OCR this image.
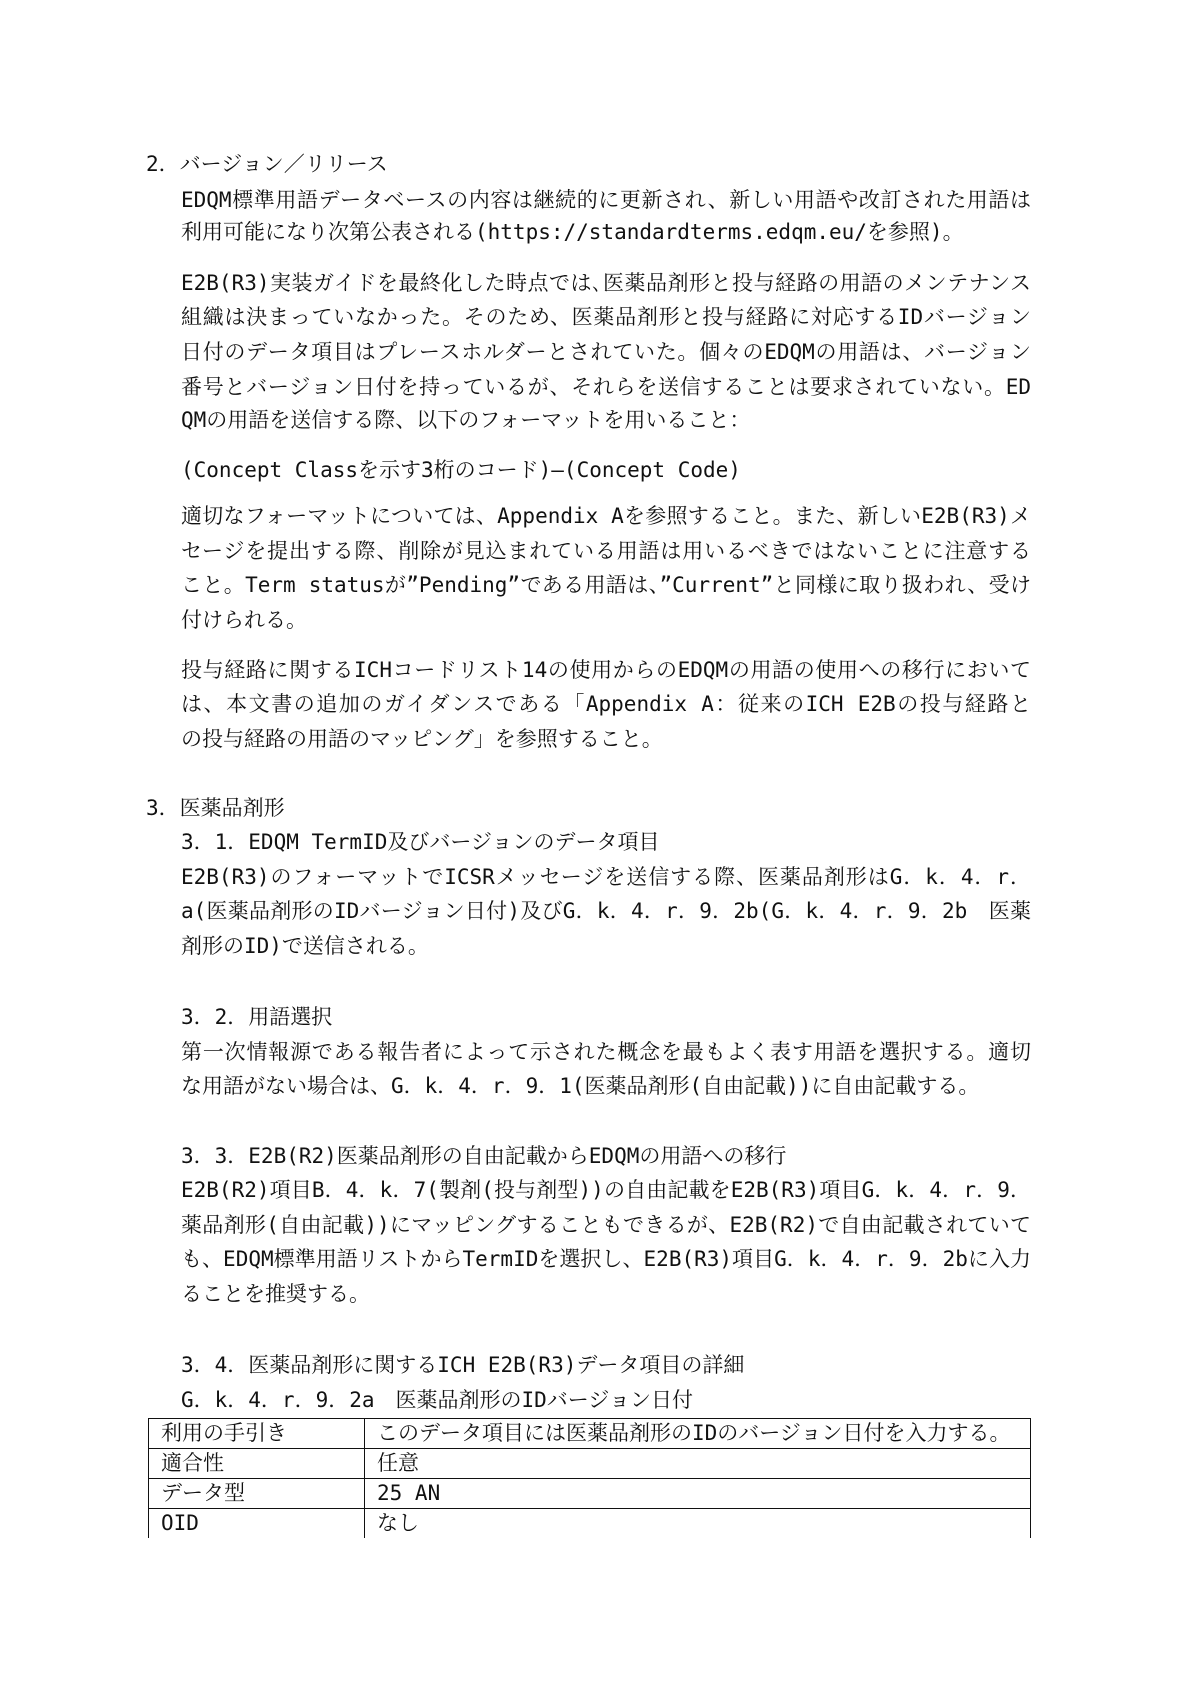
2．バージョン／リリース
EDQM標準用語データベースの内容は継続的に更新され、新しい用語や改訂された用語は
利用可能になり次第公表される(https://standardterms.edqm.eu/を参照)。
E2B(R3)実装ガイドを最終化した時点では､医薬品剤形と投与経路の用語のメンテナンス
組織は決まっていなかった。そのため、医薬品剤形と投与経路に対応するIDバージョン
日付のデータ項目はプレースホルダーとされていた。個々のEDQMの用語は、バージョン
番号とバージョン日付を持っているが、それらを送信することは要求されていない。ED
QMの用語を送信する際、以下のフォーマットを用いること：
(Concept Classを示す3桁のコード)―(Concept Code)
適切なフォーマットについては、Appendix Aを参照すること。また、新しいE2B(R3)メ
セージを提出する際、削除が見込まれている用語は用いるべきではないことに注意する
こと。Term statusが”Pending”である用語は、”Current”と同様に取り扱われ、受け
付けられる。
投与経路に関するICHコードリスト14の使用からのEDQMの用語の使用への移行において
は、本文書の追加のガイダンスである「Appendix A：従来のICH E2Bの投与経路と
の投与経路の用語のマッピング」を参照すること。
3．医薬品剤形
3．1．EDQM TermID及びバージョンのデータ項目
E2B(R3)のフォーマットでICSRメッセージを送信する際、医薬品剤形はG．k．4．r．
a(医薬品剤形のIDバージョン日付)及びG．k．4．r．9．2b(G．k．4．r．9．2b　医薬
剤形のID)で送信される。
3．2．用語選択
第一次情報源である報告者によって示された概念を最もよく表す用語を選択する。適切
な用語がない場合は、G．k．4．r．9．1(医薬品剤形(自由記載))に自由記載する。
3．3．E2B(R2)医薬品剤形の自由記載からEDQMの用語への移行
E2B(R2)項目B．4．k．7(製剤(投与剤型))の自由記載をE2B(R3)項目G．k．4．r．9．
薬品剤形(自由記載))にマッピングすることもできるが、E2B(R2)で自由記載されていて
も、EDQM標準用語リストからTermIDを選択し、E2B(R3)項目G．k．4．r．9．2bに入力
ることを推奨する。
3．4．医薬品剤形に関するICH E2B(R3)データ項目の詳細
G．k．4．r．9．2a　医薬品剤形のIDバージョン日付
利用の手引き	このデータ項目には医薬品剤形のIDのバージョン日付を入力する。
適合性	任意
データ型	25 AN
OID	なし
